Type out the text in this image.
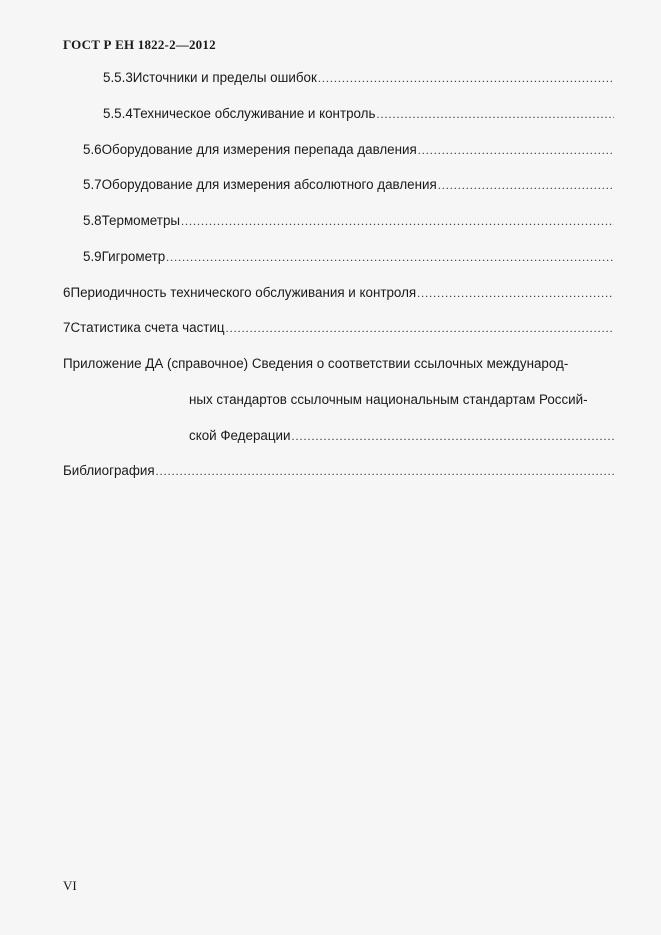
ГОСТ Р ЕН 1822-2—2012
5.5.3 Источники и пределы ошибок
.....
5.5.4 Техническое обслуживание и контроль
.....
5.6 Оборудование для измерения перепада давления
.....
5.7 Оборудование для измерения абсолютного давления
.....
5.8 Термометры
.....
5.9 Гигрометр
.....
6 Периодичность технического обслуживания и контроля
.....
7 Статистика счета частиц
.....
Приложение ДА (справочное) Сведения о соответствии ссылочных международ-
ных стандартов ссылочным национальным стандартам Россий-
ской Федерации
.....
Библиография
.....
VI
